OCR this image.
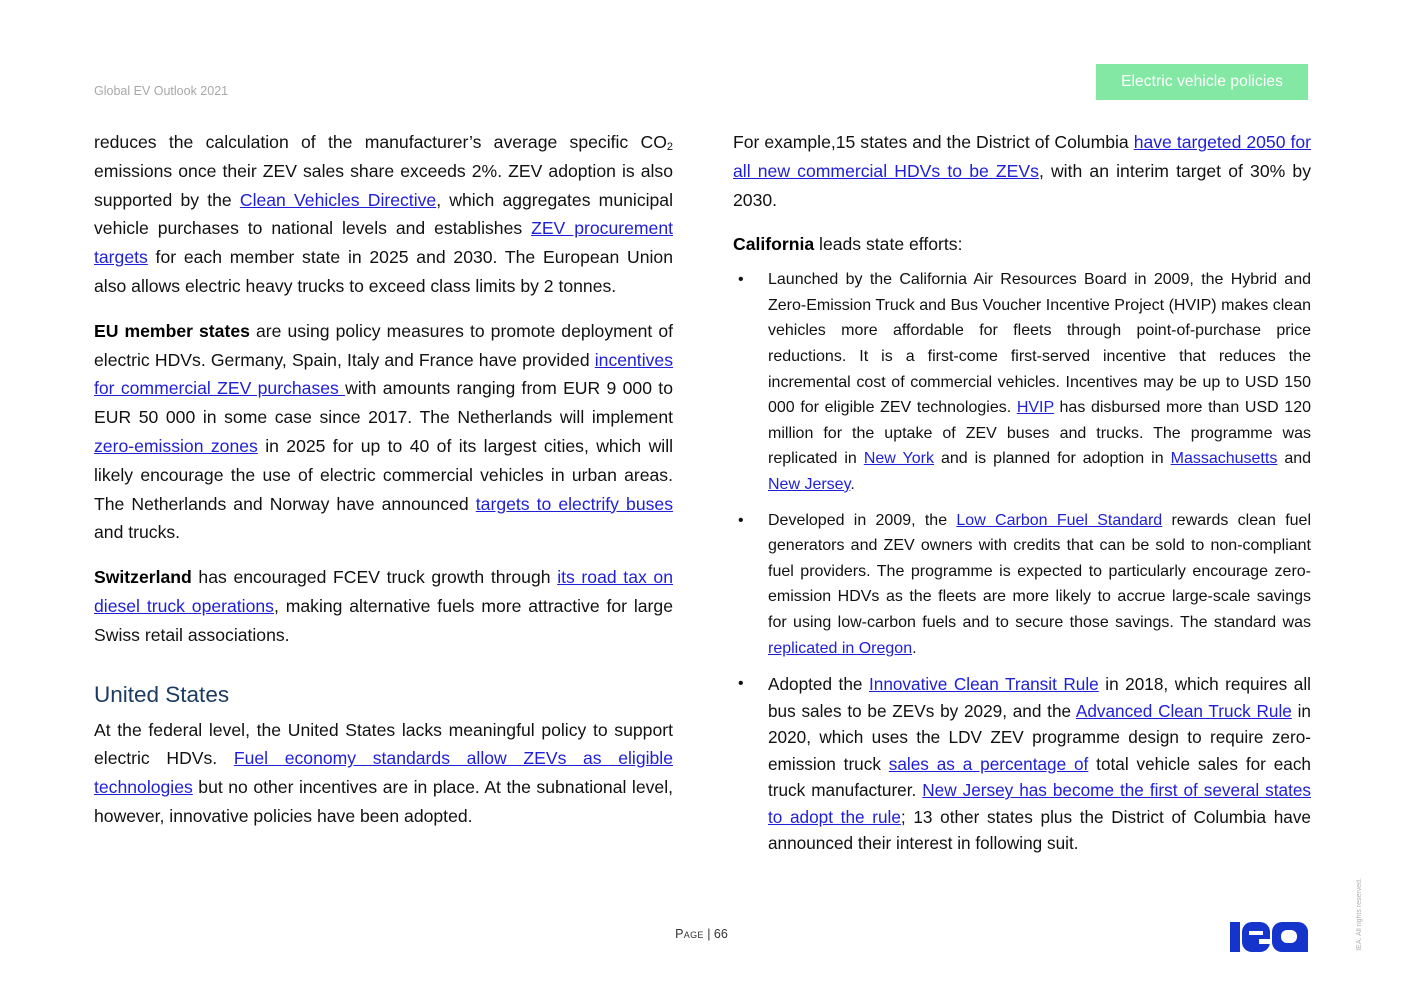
Global EV Outlook 2021
Electric vehicle policies

reduces the calculation of the manufacturer’s average specific $CO_2$ emissions once their ZEV sales share exceeds 2%. ZEV adoption is also supported by the Clean Vehicles Directive, which aggregates municipal vehicle purchases to national levels and establishes ZEV procurement targets for each member state in 2025 and 2030. The European Union also allows electric heavy trucks to exceed class limits by 2 tonnes.

EU member states are using policy measures to promote deployment of electric HDVs. Germany, Spain, Italy and France have provided incentives for commercial ZEV purchases with amounts ranging from EUR 9 000 to EUR 50 000 in some case since 2017. The Netherlands will implement zero-emission zones in 2025 for up to 40 of its largest cities, which will likely encourage the use of electric commercial vehicles in urban areas. The Netherlands and Norway have announced targets to electrify buses and trucks.

Switzerland has encouraged FCEV truck growth through its road tax on diesel truck operations, making alternative fuels more attractive for large Swiss retail associations.

United States

At the federal level, the United States lacks meaningful policy to support electric HDVs. Fuel economy standards allow ZEVs as eligible technologies but no other incentives are in place. At the subnational level, however, innovative policies have been adopted.

For example,15 states and the District of Columbia have targeted 2050 for all new commercial HDVs to be ZEVs, with an interim target of 30% by 2030.

California leads state efforts:

• Launched by the California Air Resources Board in 2009, the Hybrid and Zero-Emission Truck and Bus Voucher Incentive Project (HVIP) makes clean vehicles more affordable for fleets through point-of-purchase price reductions. It is a first-come first-served incentive that reduces the incremental cost of commercial vehicles. Incentives may be up to USD 150 000 for eligible ZEV technologies. HVIP has disbursed more than USD 120 million for the uptake of ZEV buses and trucks. The programme was replicated in New York and is planned for adoption in Massachusetts and New Jersey.
• Developed in 2009, the Low Carbon Fuel Standard rewards clean fuel generators and ZEV owners with credits that can be sold to non-compliant fuel providers. The programme is expected to particularly encourage zero-emission HDVs as the fleets are more likely to accrue large-scale savings for using low-carbon fuels and to secure those savings. The standard was replicated in Oregon.
• Adopted the Innovative Clean Transit Rule in 2018, which requires all bus sales to be ZEVs by 2029, and the Advanced Clean Truck Rule in 2020, which uses the LDV ZEV programme design to require zero-emission truck sales as a percentage of total vehicle sales for each truck manufacturer. New Jersey has become the first of several states to adopt the rule; 13 other states plus the District of Columbia have announced their interest in following suit.
Page | 66	IEA. All rights reserved.
